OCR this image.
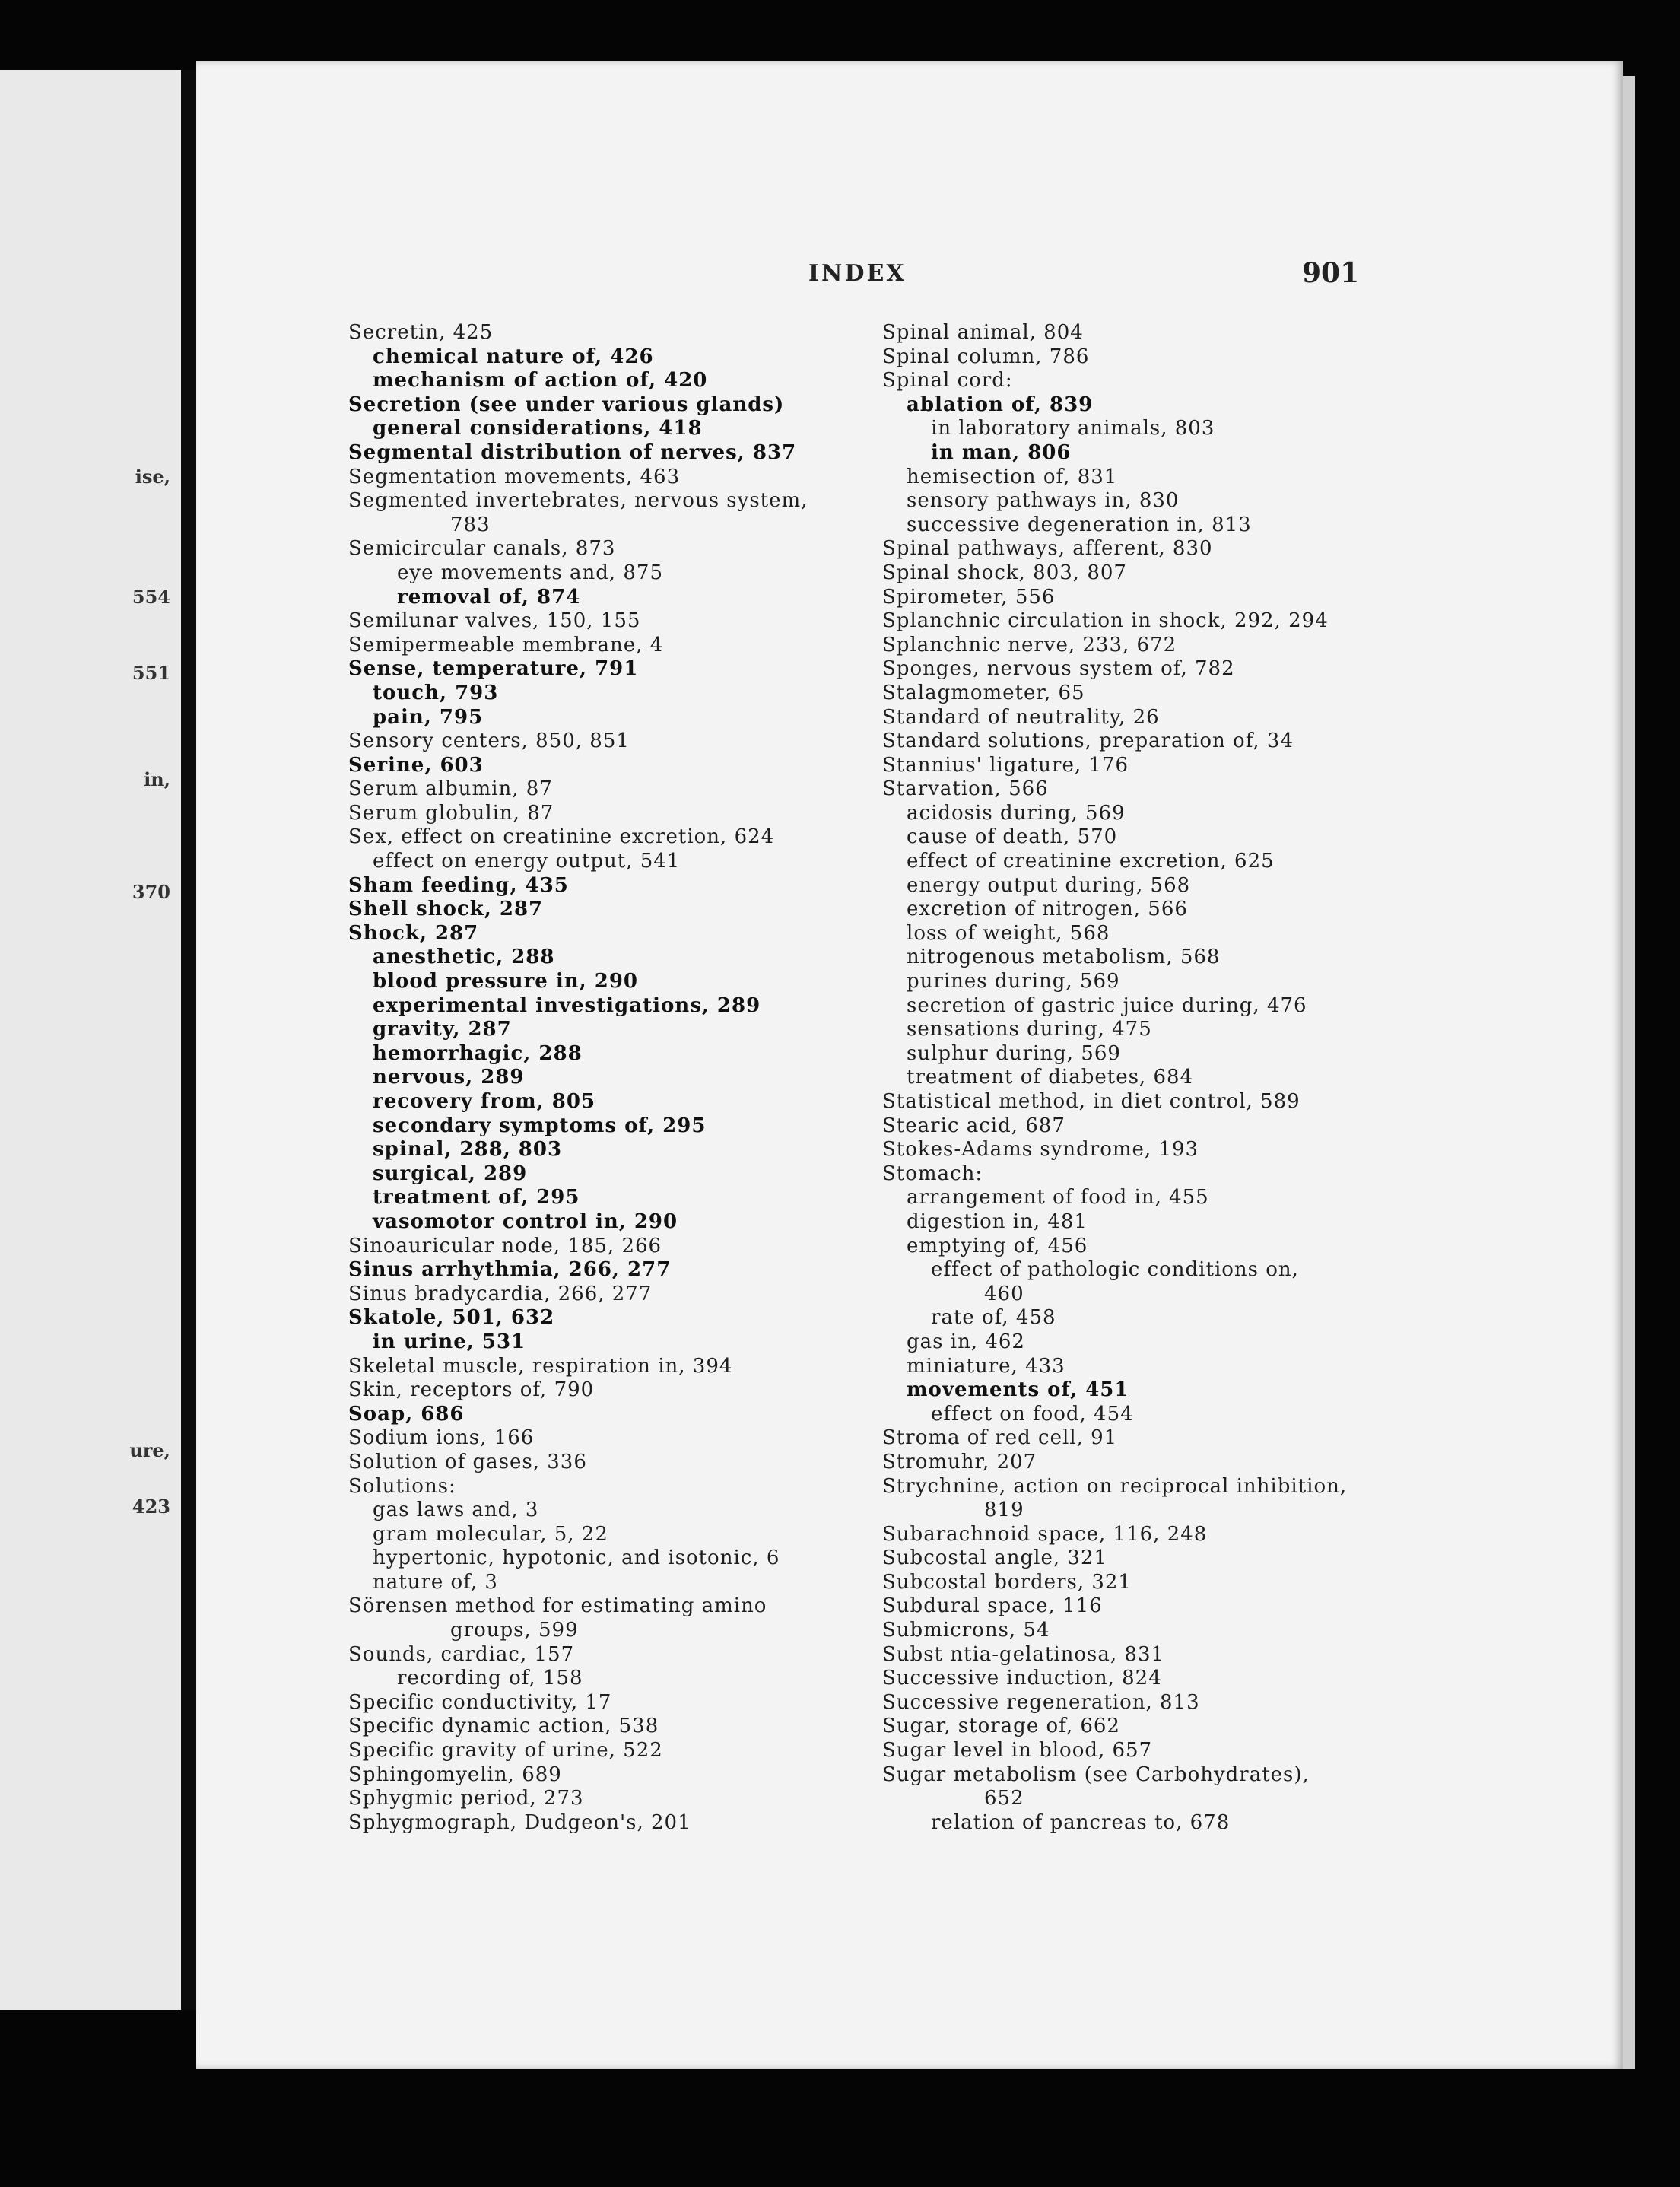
ise,
554
551
in,
370
ure,
423
INDEX	901
Secretin, 425
chemical nature of, 426
mechanism of action of, 420
Secretion (see under various glands)
general considerations, 418
Segmental distribution of nerves, 837
Segmentation movements, 463
Segmented invertebrates, nervous system,
783
Semicircular canals, 873
eye movements and, 875
removal of, 874
Semilunar valves, 150, 155
Semipermeable membrane, 4
Sense, temperature, 791
touch, 793
pain, 795
Sensory centers, 850, 851
Serine, 603
Serum albumin, 87
Serum globulin, 87
Sex, effect on creatinine excretion, 624
effect on energy output, 541
Sham feeding, 435
Shell shock, 287
Shock, 287
anesthetic, 288
blood pressure in, 290
experimental investigations, 289
gravity, 287
hemorrhagic, 288
nervous, 289
recovery from, 805
secondary symptoms of, 295
spinal, 288, 803
surgical, 289
treatment of, 295
vasomotor control in, 290
Sinoauricular node, 185, 266
Sinus arrhythmia, 266, 277
Sinus bradycardia, 266, 277
Skatole, 501, 632
in urine, 531
Skeletal muscle, respiration in, 394
Skin, receptors of, 790
Soap, 686
Sodium ions, 166
Solution of gases, 336
Solutions:
gas laws and, 3
gram molecular, 5, 22
hypertonic, hypotonic, and isotonic, 6
nature of, 3
Sörensen method for estimating amino
groups, 599
Sounds, cardiac, 157
recording of, 158
Specific conductivity, 17
Specific dynamic action, 538
Specific gravity of urine, 522
Sphingomyelin, 689
Sphygmic period, 273
Sphygmograph, Dudgeon's, 201
Spinal animal, 804
Spinal column, 786
Spinal cord:
ablation of, 839
in laboratory animals, 803
in man, 806
hemisection of, 831
sensory pathways in, 830
successive degeneration in, 813
Spinal pathways, afferent, 830
Spinal shock, 803, 807
Spirometer, 556
Splanchnic circulation in shock, 292, 294
Splanchnic nerve, 233, 672
Sponges, nervous system of, 782
Stalagmometer, 65
Standard of neutrality, 26
Standard solutions, preparation of, 34
Stannius' ligature, 176
Starvation, 566
acidosis during, 569
cause of death, 570
effect of creatinine excretion, 625
energy output during, 568
excretion of nitrogen, 566
loss of weight, 568
nitrogenous metabolism, 568
purines during, 569
secretion of gastric juice during, 476
sensations during, 475
sulphur during, 569
treatment of diabetes, 684
Statistical method, in diet control, 589
Stearic acid, 687
Stokes-Adams syndrome, 193
Stomach:
arrangement of food in, 455
digestion in, 481
emptying of, 456
effect of pathologic conditions on,
460
rate of, 458
gas in, 462
miniature, 433
movements of, 451
effect on food, 454
Stroma of red cell, 91
Stromuhr, 207
Strychnine, action on reciprocal inhibition,
819
Subarachnoid space, 116, 248
Subcostal angle, 321
Subcostal borders, 321
Subdural space, 116
Submicrons, 54
Subst ntia-gelatinosa, 831
Successive induction, 824
Successive regeneration, 813
Sugar, storage of, 662
Sugar level in blood, 657
Sugar metabolism (see Carbohydrates),
652
relation of pancreas to, 678
